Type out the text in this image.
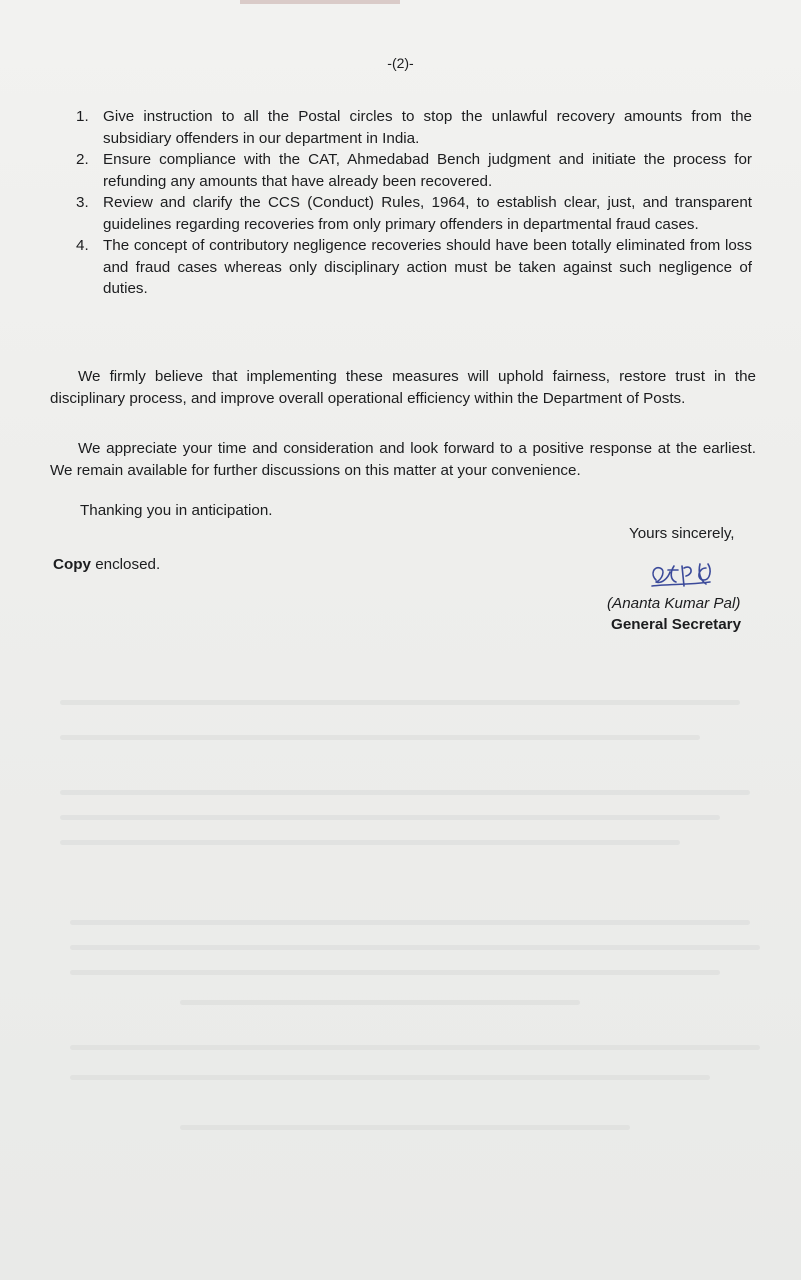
-(2)-
1. Give instruction to all the Postal circles to stop the unlawful recovery amounts from the subsidiary offenders in our department in India.
2. Ensure compliance with the CAT, Ahmedabad Bench judgment and initiate the process for refunding any amounts that have already been recovered.
3. Review and clarify the CCS (Conduct) Rules, 1964, to establish clear, just, and transparent guidelines regarding recoveries from only primary offenders in departmental fraud cases.
4. The concept of contributory negligence recoveries should have been totally eliminated from loss and fraud cases whereas only disciplinary action must be taken against such negligence of duties.

We firmly believe that implementing these measures will uphold fairness, restore trust in the disciplinary process, and improve overall operational efficiency within the Department of Posts.

We appreciate your time and consideration and look forward to a positive response at the earliest. We remain available for further discussions on this matter at your convenience.

Thanking you in anticipation.

Yours sincerely,
Copy enclosed.
(Ananta Kumar Pal)
General Secretary
